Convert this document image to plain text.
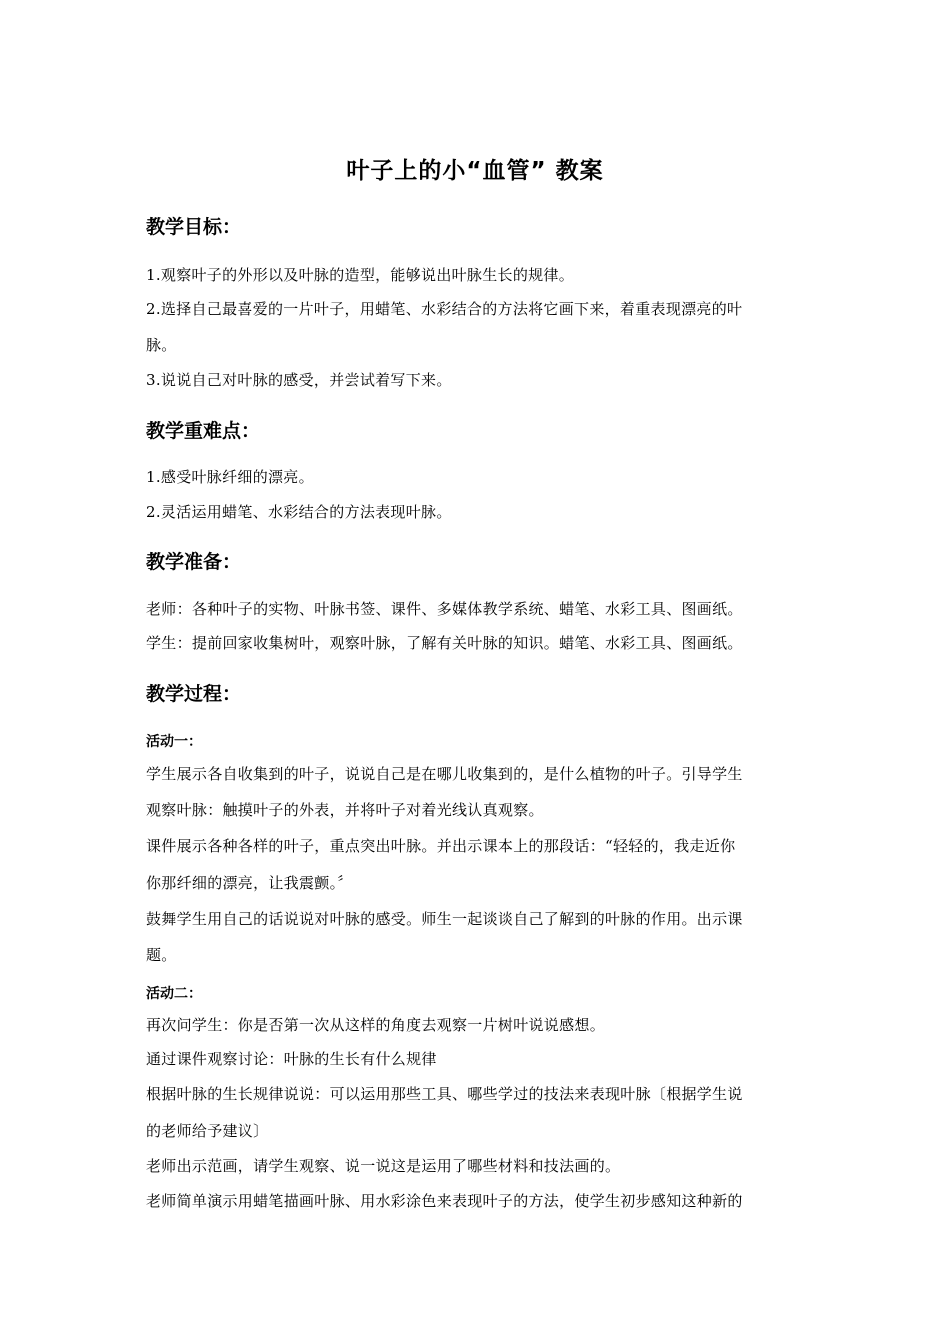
叶子上的小“血管” 教案
教学目标：
1.观察叶子的外形以及叶脉的造型，能够说出叶脉生长的规律。
2.选择自己最喜爱的一片叶子，用蜡笔、水彩结合的方法将它画下来，着重表现漂亮的叶
脉。
3.说说自己对叶脉的感受，并尝试着写下来。
教学重难点：
1.感受叶脉纤细的漂亮。
2.灵活运用蜡笔、水彩结合的方法表现叶脉。
教学准备：
老师：各种叶子的实物、叶脉书签、课件、多媒体教学系统、蜡笔、水彩工具、图画纸。
学生：提前回家收集树叶，观察叶脉，了解有关叶脉的知识。蜡笔、水彩工具、图画纸。
教学过程：
活动一：
学生展示各自收集到的叶子，说说自己是在哪儿收集到的，是什么植物的叶子。引导学生
观察叶脉：触摸叶子的外表，并将叶子对着光线认真观察。
课件展示各种各样的叶子，重点突出叶脉。并出示课本上的那段话：“轻轻的，我走近你
你那纤细的漂亮，让我震颤。〞
鼓舞学生用自己的话说说对叶脉的感受。师生一起谈谈自己了解到的叶脉的作用。出示课
题。
活动二：
再次问学生：你是否第一次从这样的角度去观察一片树叶说说感想。
通过课件观察讨论：叶脉的生长有什么规律
根据叶脉的生长规律说说：可以运用那些工具、哪些学过的技法来表现叶脉〔根据学生说
的老师给予建议〕
老师出示范画，请学生观察、说一说这是运用了哪些材料和技法画的。
老师简单演示用蜡笔描画叶脉、用水彩涂色来表现叶子的方法，使学生初步感知这种新的
